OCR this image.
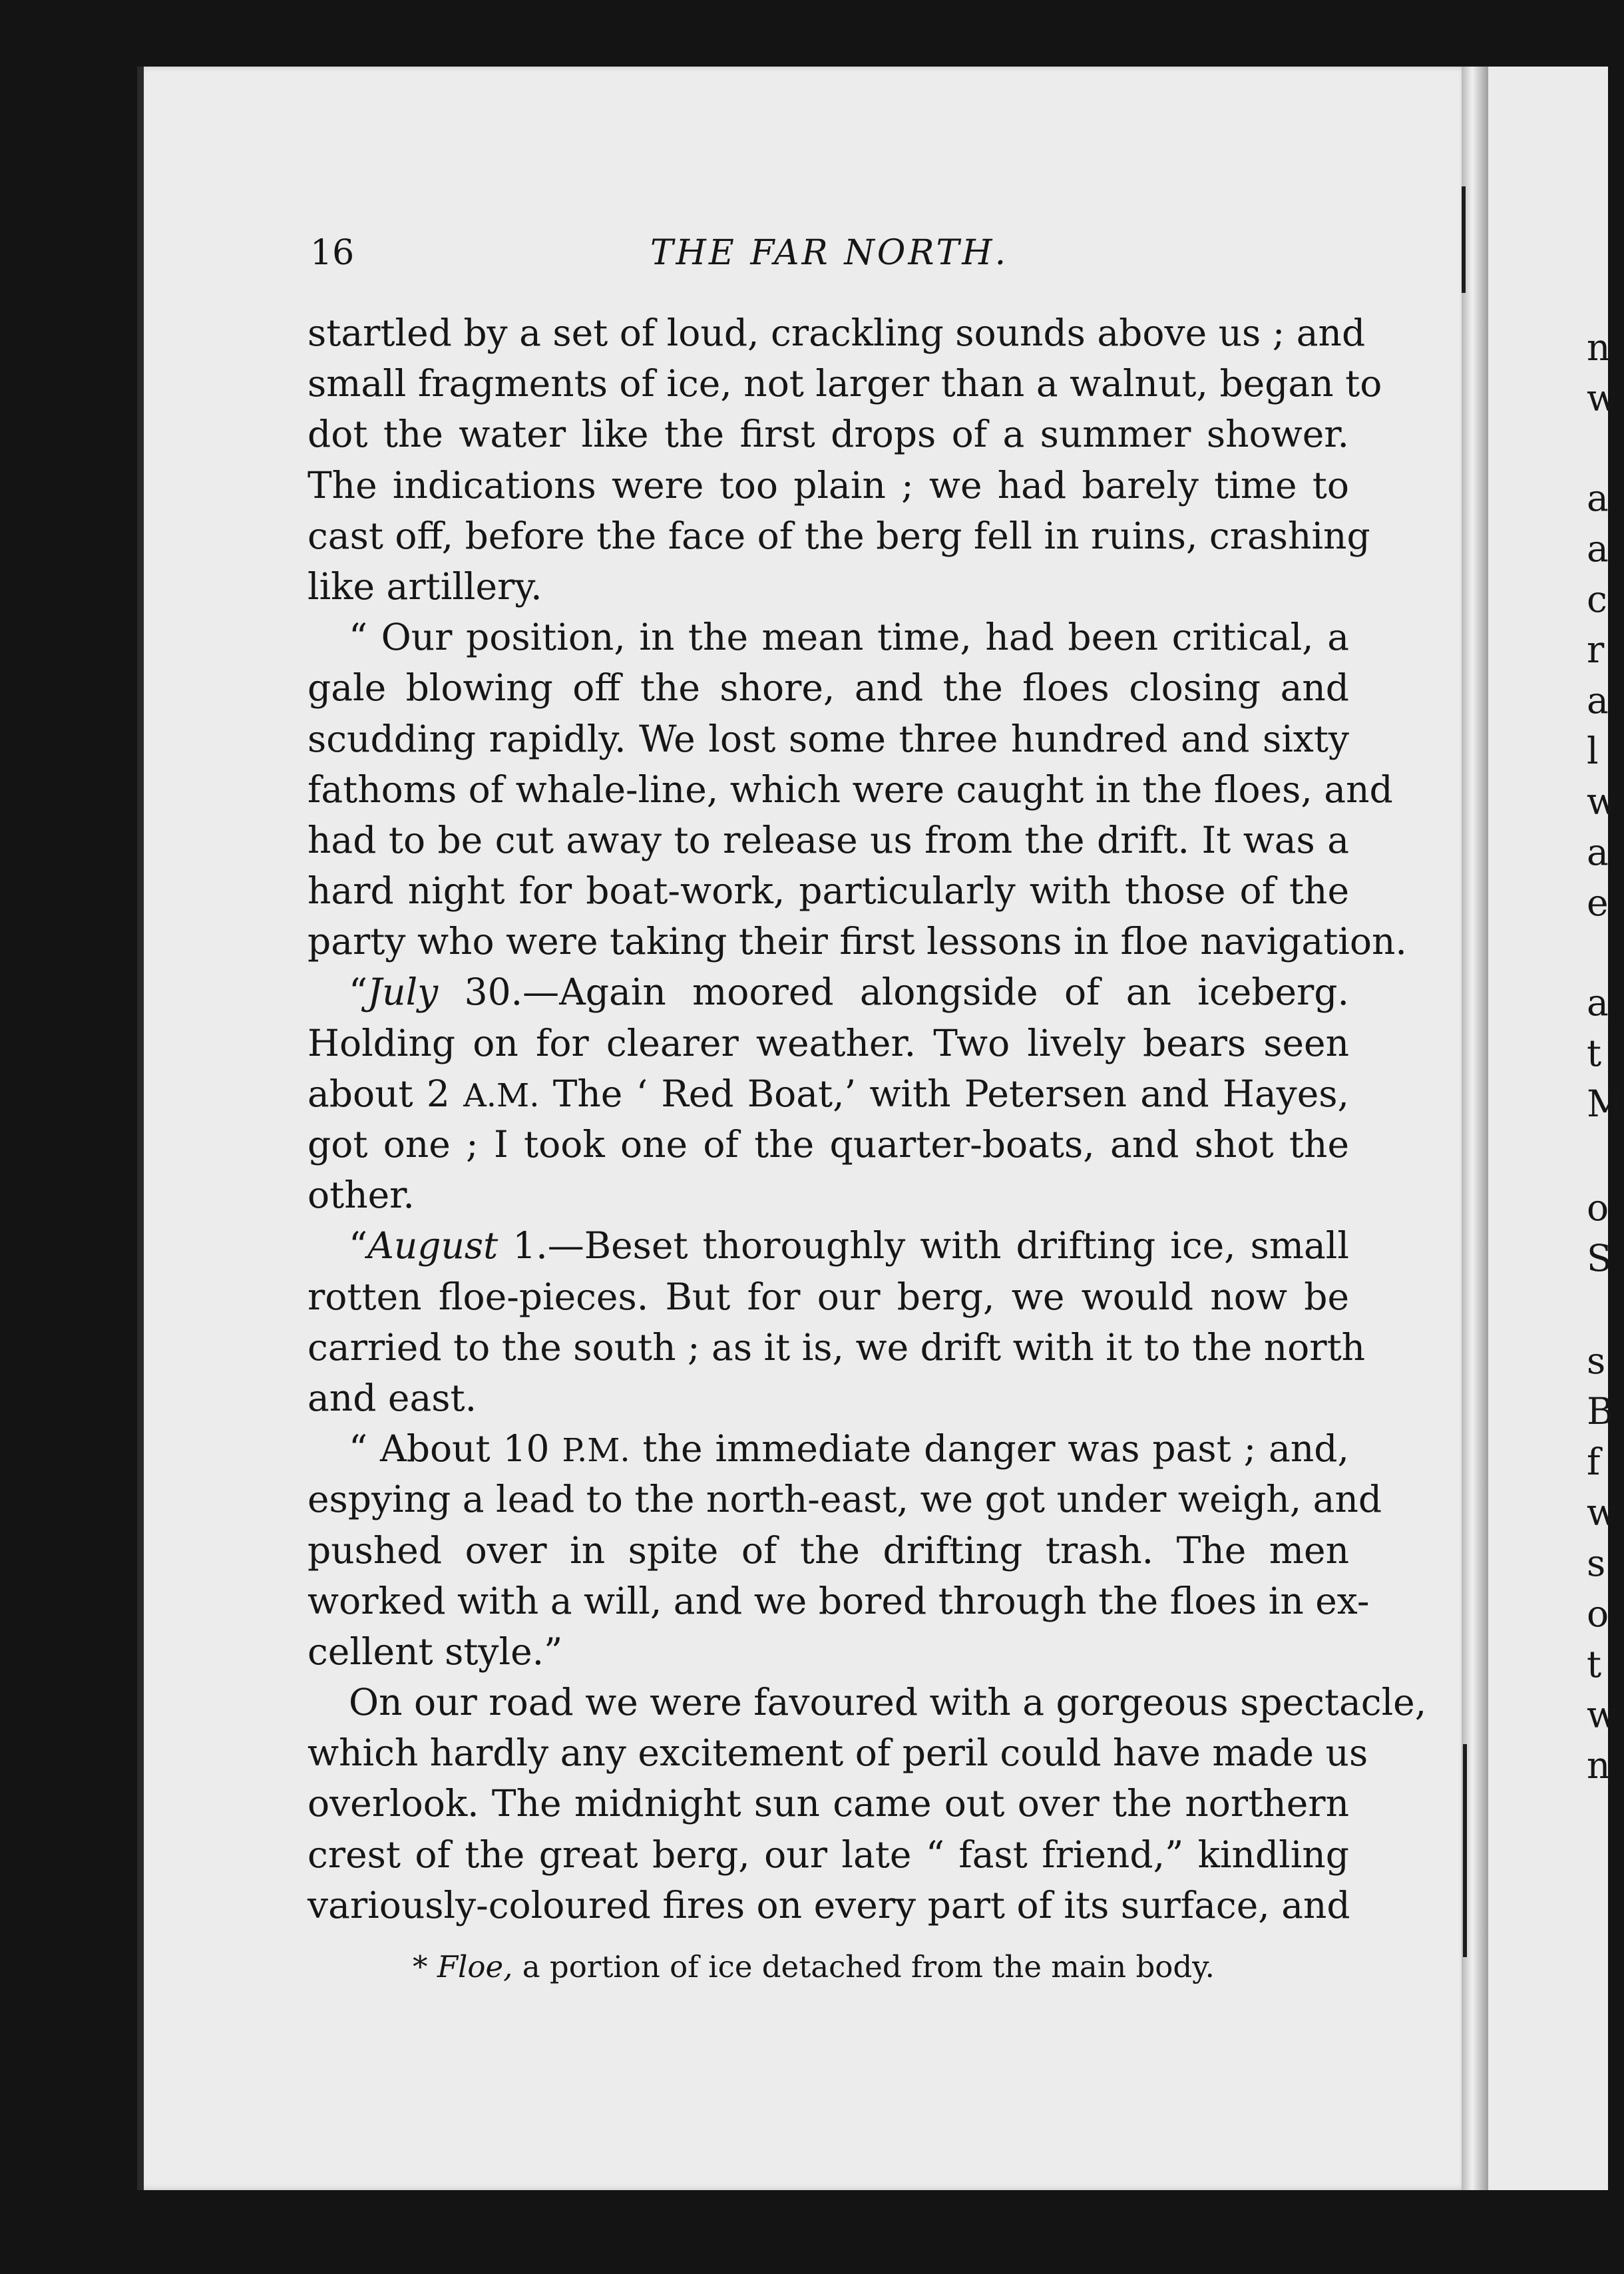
16	THE FAR NORTH.
startled by a set of loud, crackling sounds above us ; and
small fragments of ice, not larger than a walnut, began to
dot the water like the first drops of a summer shower.
The indications were too plain ; we had barely time to
cast off, before the face of the berg fell in ruins, crashing
like artillery.
“ Our position, in the mean time, had been critical, a
gale blowing off the shore, and the floes closing and
scudding rapidly. We lost some three hundred and sixty
fathoms of whale-line, which were caught in the floes, and
had to be cut away to release us from the drift. It was a
hard night for boat-work, particularly with those of the
party who were taking their first lessons in floe navigation.
“July 30.—Again moored alongside of an iceberg.
Holding on for clearer weather. Two lively bears seen
about 2 A.M. The ‘ Red Boat,’ with Petersen and Hayes,
got one ; I took one of the quarter-boats, and shot the
other.
“August 1.—Beset thoroughly with drifting ice, small
rotten floe-pieces. But for our berg, we would now be
carried to the south ; as it is, we drift with it to the north
and east.
“ About 10 P.M. the immediate danger was past ; and,
espying a lead to the north-east, we got under weigh, and
pushed over in spite of the drifting trash. The men
worked with a will, and we bored through the floes in ex-
cellent style.”
On our road we were favoured with a gorgeous spectacle,
which hardly any excitement of peril could have made us
overlook. The midnight sun came out over the northern
crest of the great berg, our late “ fast friend,” kindling
variously-coloured fires on every part of its surface, and
* Floe, a portion of ice detached from the main body.
n
w
a
a
c
r
a
l
w
a
e
a
t
M
o
S
s
B
f
w
s
o
t
w
n
